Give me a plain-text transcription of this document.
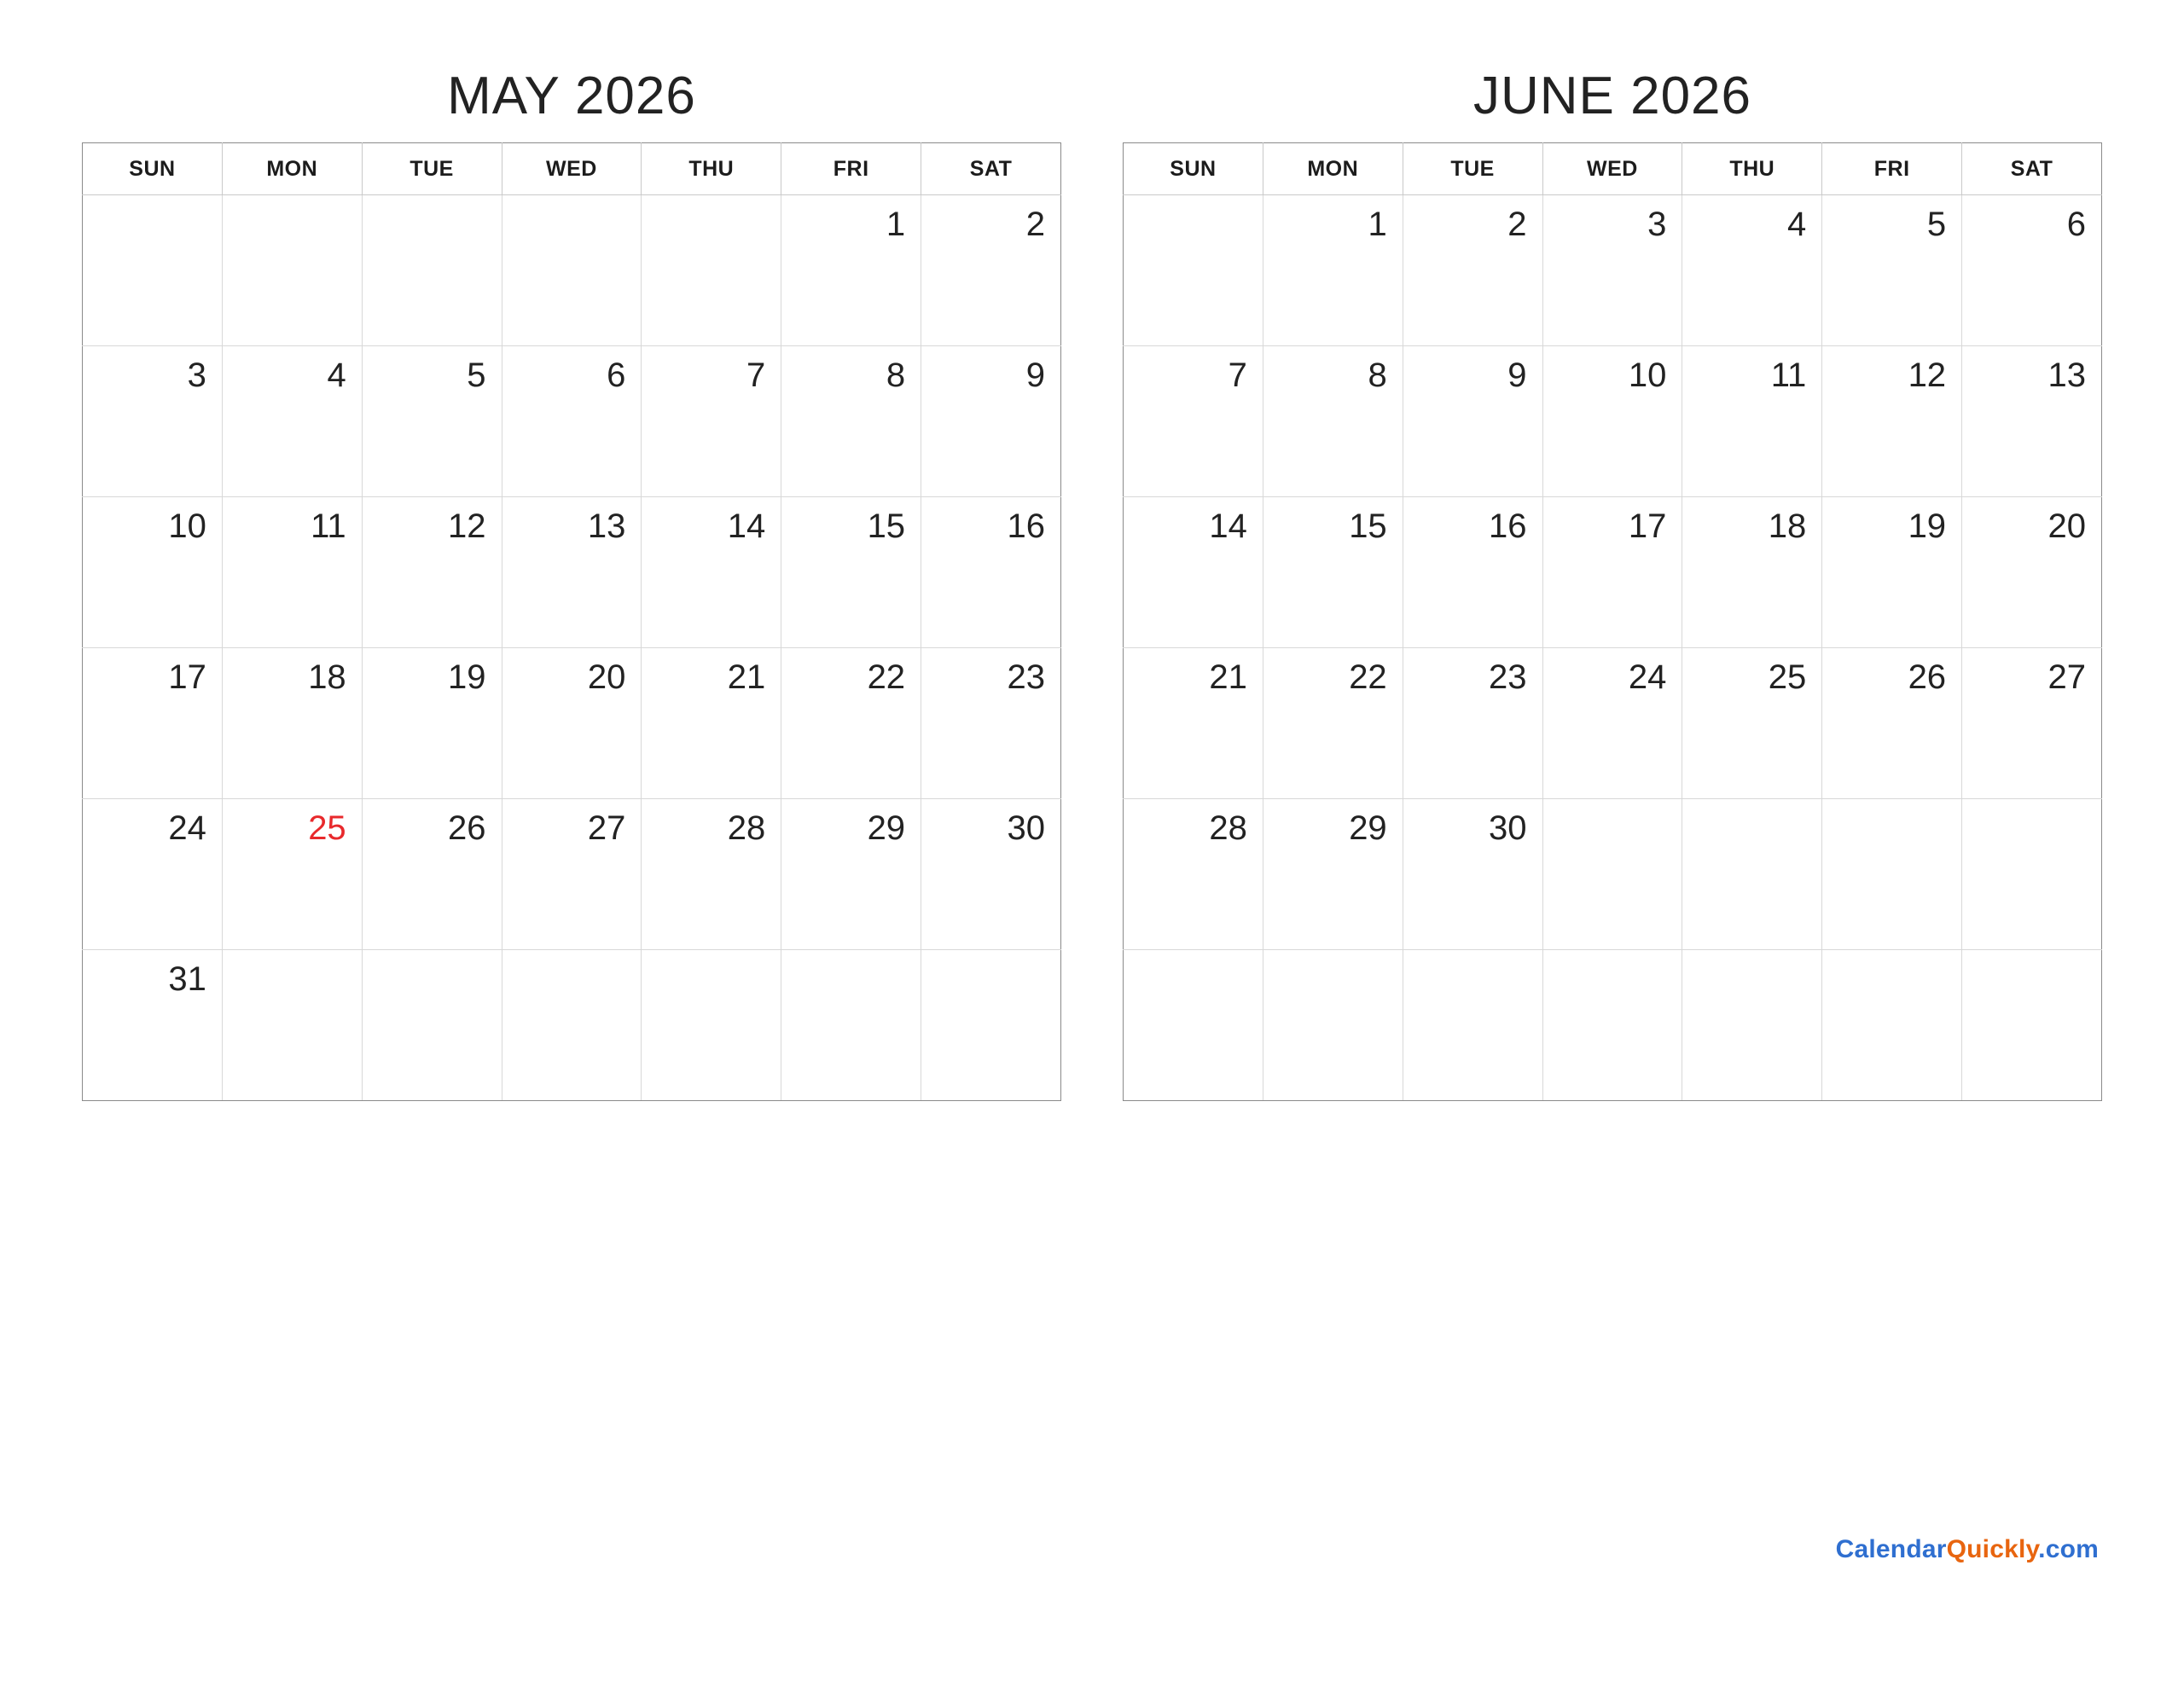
MAY 2026
SUN	MON	TUE	WED	THU	FRI	SAT
					1	2
3	4	5	6	7	8	9
10	11	12	13	14	15	16
17	18	19	20	21	22	23
24	25	26	27	28	29	30
31						
JUNE 2026
SUN	MON	TUE	WED	THU	FRI	SAT
	1	2	3	4	5	6
7	8	9	10	11	12	13
14	15	16	17	18	19	20
21	22	23	24	25	26	27
28	29	30				

CalendarQuickly.com
